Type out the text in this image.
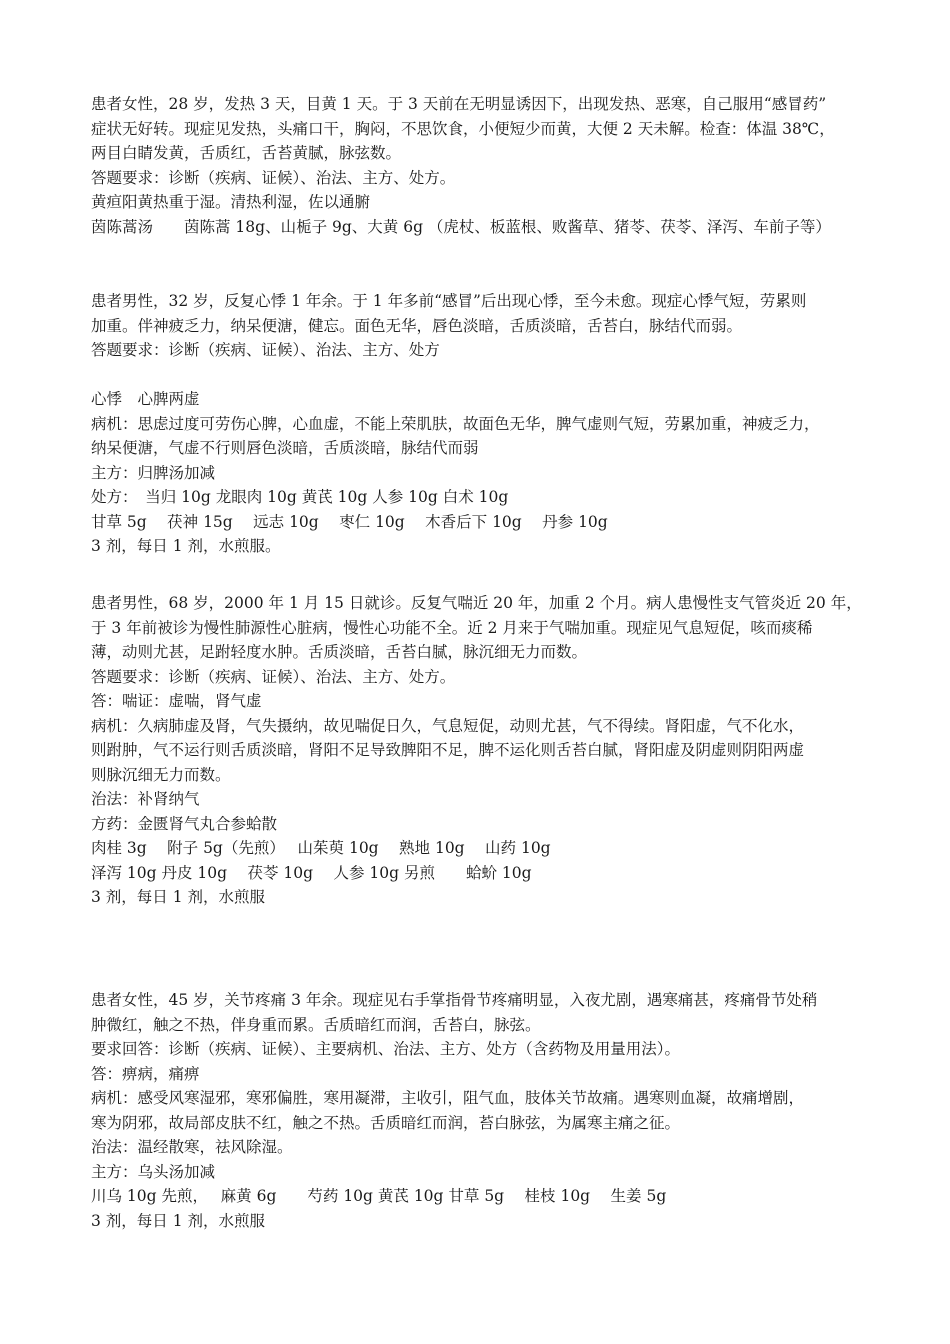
患者女性，28 岁，发热 3 天，目黄 1 天。于 3 天前在无明显诱因下，出现发热、恶寒，自己服用“感冒药”
症状无好转。现症见发热，头痛口干，胸闷，不思饮食，小便短少而黄，大便 2 天未解。检查：体温 38℃，
两目白睛发黄，舌质红，舌苔黄腻，脉弦数。
答题要求：诊断（疾病、证候）、治法、主方、处方。
黄疸阳黄热重于湿。清热利湿，佐以通腑
茵陈蒿汤　　茵陈蒿 18g、山栀子 9g、大黄 6g （虎杖、板蓝根、败酱草、猪苓、茯苓、泽泻、车前子等）
患者男性，32 岁，反复心悸 1 年余。于 1 年多前“感冒”后出现心悸，至今未愈。现症心悸气短，劳累则
加重。伴神疲乏力，纳呆便溏，健忘。面色无华，唇色淡暗，舌质淡暗，舌苔白，脉结代而弱。
答题要求：诊断（疾病、证候）、治法、主方、处方
心悸　心脾两虚
病机：思虑过度可劳伤心脾，心血虚，不能上荣肌肤，故面色无华，脾气虚则气短，劳累加重，神疲乏力，
纳呆便溏，气虚不行则唇色淡暗，舌质淡暗，脉结代而弱
主方：归脾汤加减
处方：　当归 10g 龙眼肉 10g 黄芪 10g 人参 10g 白术 10g
甘草 5g　 茯神 15g　 远志 10g　 枣仁 10g　 木香后下 10g　 丹参 10g
3 剂，每日 1 剂，水煎服。
患者男性，68 岁，2000 年 1 月 15 日就诊。反复气喘近 20 年，加重 2 个月。病人患慢性支气管炎近 20 年，
于 3 年前被诊为慢性肺源性心脏病，慢性心功能不全。近 2 月来于气喘加重。现症见气息短促，咳而痰稀
薄，动则尤甚，足跗轻度水肿。舌质淡暗，舌苔白腻，脉沉细无力而数。
答题要求：诊断（疾病、证候）、治法、主方、处方。
答：喘证：虚喘，肾气虚
病机：久病肺虚及肾，气失摄纳，故见喘促日久，气息短促，动则尤甚，气不得续。肾阳虚，气不化水，
则跗肿，气不运行则舌质淡暗，肾阳不足导致脾阳不足，脾不运化则舌苔白腻，肾阳虚及阴虚则阴阳两虚
则脉沉细无力而数。
治法：补肾纳气
方药：金匮肾气丸合参蛤散
肉桂 3g　 附子 5g（先煎）　 山茱萸 10g　 熟地 10g　 山药 10g
泽泻 10g 丹皮 10g　 茯苓 10g　 人参 10g 另煎　　蛤蚧 10g
3 剂，每日 1 剂，水煎服
患者女性，45 岁，关节疼痛 3 年余。现症见右手掌指骨节疼痛明显，入夜尤剧，遇寒痛甚，疼痛骨节处稍
肿微红，触之不热，伴身重而累。舌质暗红而润，舌苔白，脉弦。
要求回答：诊断（疾病、证候）、主要病机、治法、主方、处方（含药物及用量用法）。
答：痹病，痛痹
病机：感受风寒湿邪，寒邪偏胜，寒用凝滞，主收引，阻气血，肢体关节故痛。遇寒则血凝，故痛增剧，
寒为阴邪，故局部皮肤不红，触之不热。舌质暗红而润，苔白脉弦，为属寒主痛之征。
治法：温经散寒，祛风除湿。
主方：乌头汤加减
川乌 10g 先煎，　 麻黄 6g　　芍药 10g 黄芪 10g 甘草 5g　 桂枝 10g　 生姜 5g
3 剂，每日 1 剂，水煎服
